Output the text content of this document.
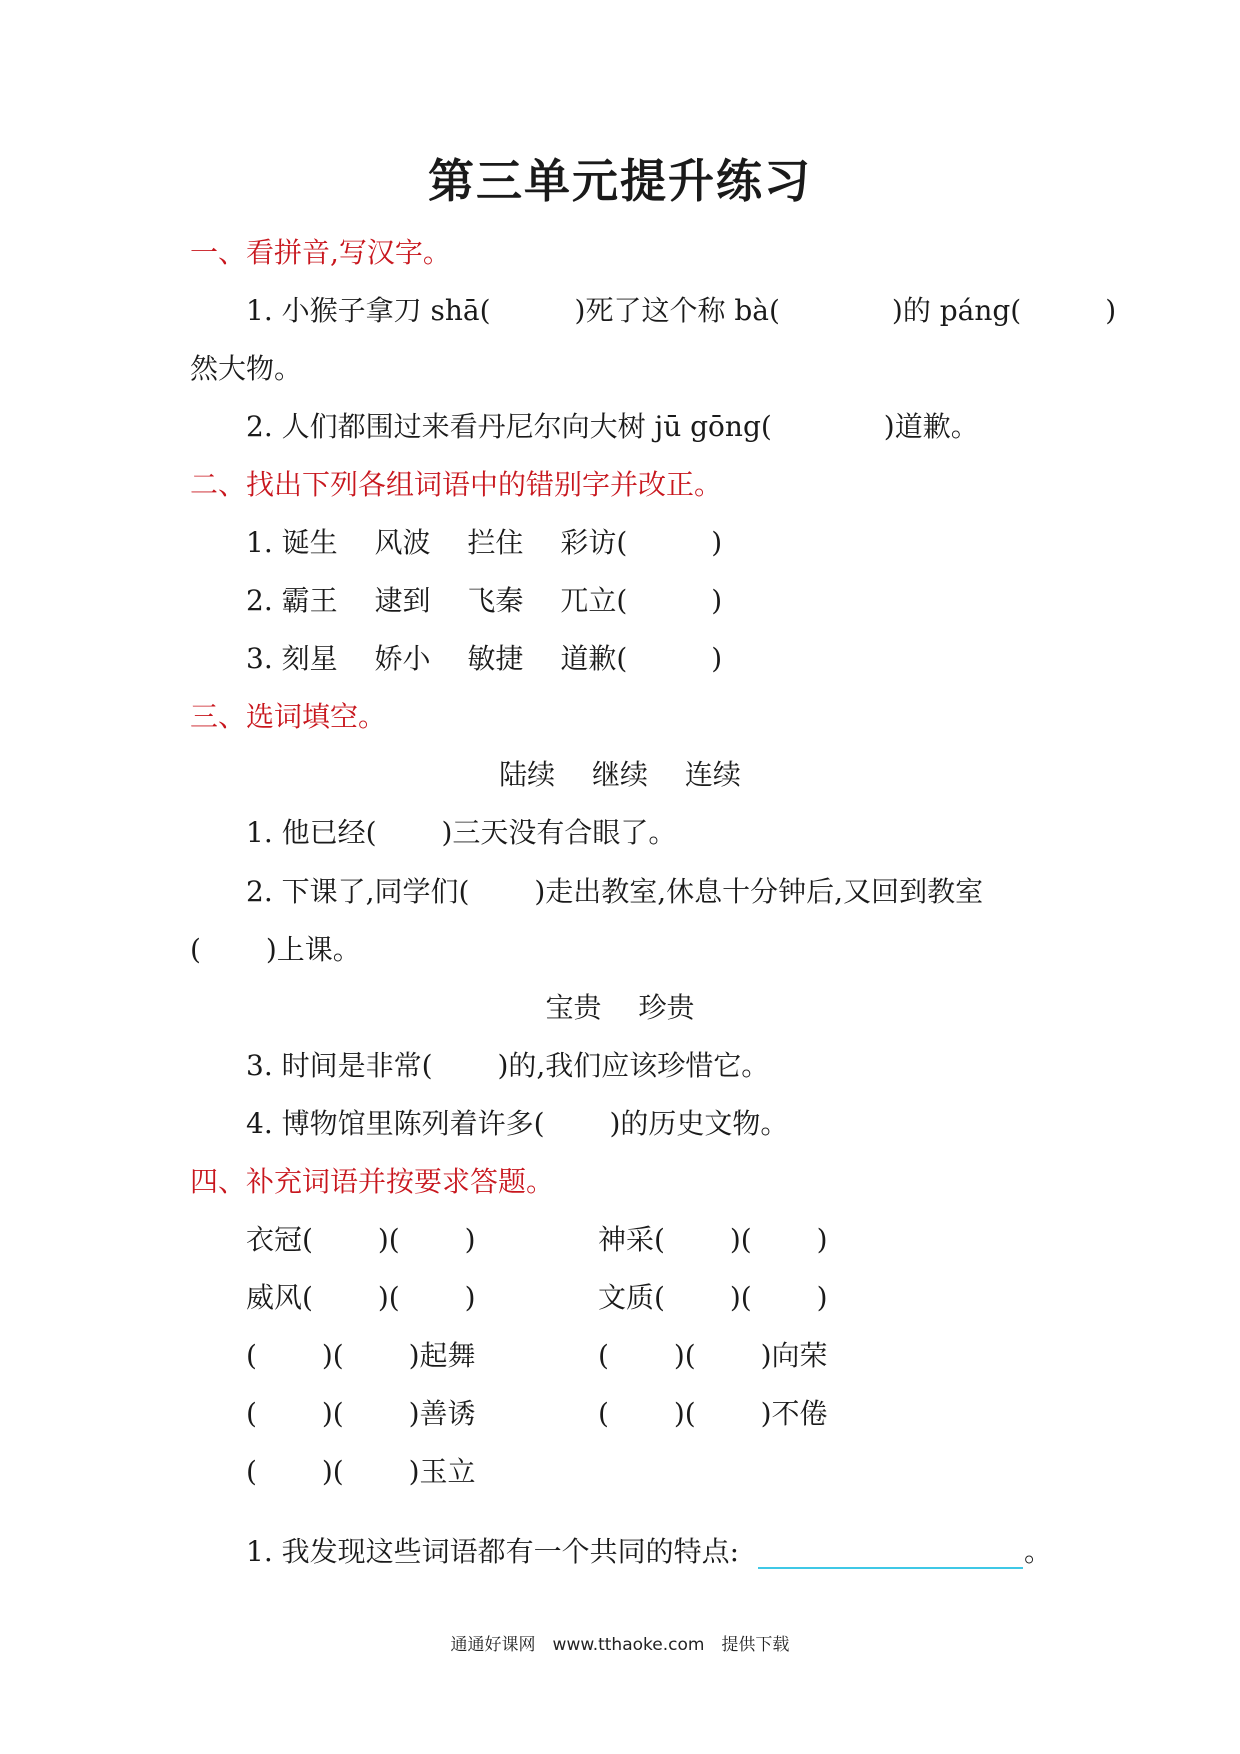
第三单元提升练习
一、看拼音,写汉字。
1. 小猴子拿刀 shā(　　　)死了这个称 bà(　　　　)的 páng(　　　)
然大物。
2. 人们都围过来看丹尼尔向大树 jū gōng(　　　　)道歉。
二、找出下列各组词语中的错别字并改正。
1. 诞生　 风波　 拦住　 彩访(　　　)
2. 霸王　 逮到　 飞秦　 兀立(　　　)
3. 刻星　 娇小　 敏捷　 道歉(　　　)
三、选词填空。
陆续　 继续　 连续
1. 他已经(　　 )三天没有合眼了。
2. 下课了,同学们(　　 )走出教室,休息十分钟后,又回到教室
(　　 )上课。
宝贵　 珍贵
3. 时间是非常(　　 )的,我们应该珍惜它。
4. 博物馆里陈列着许多(　　 )的历史文物。
四、补充词语并按要求答题。
衣冠(　　 )(　　 )	神采(　　 )(　　 )
威风(　　 )(　　 )	文质(　　 )(　　 )
(　　 )(　　 )起舞	(　　 )(　　 )向荣
(　　 )(　　 )善诱	(　　 )(　　 )不倦
(　　 )(　　 )玉立
1. 我发现这些词语都有一个共同的特点:	。
通通好课网　www.tthaoke.com　提供下载
